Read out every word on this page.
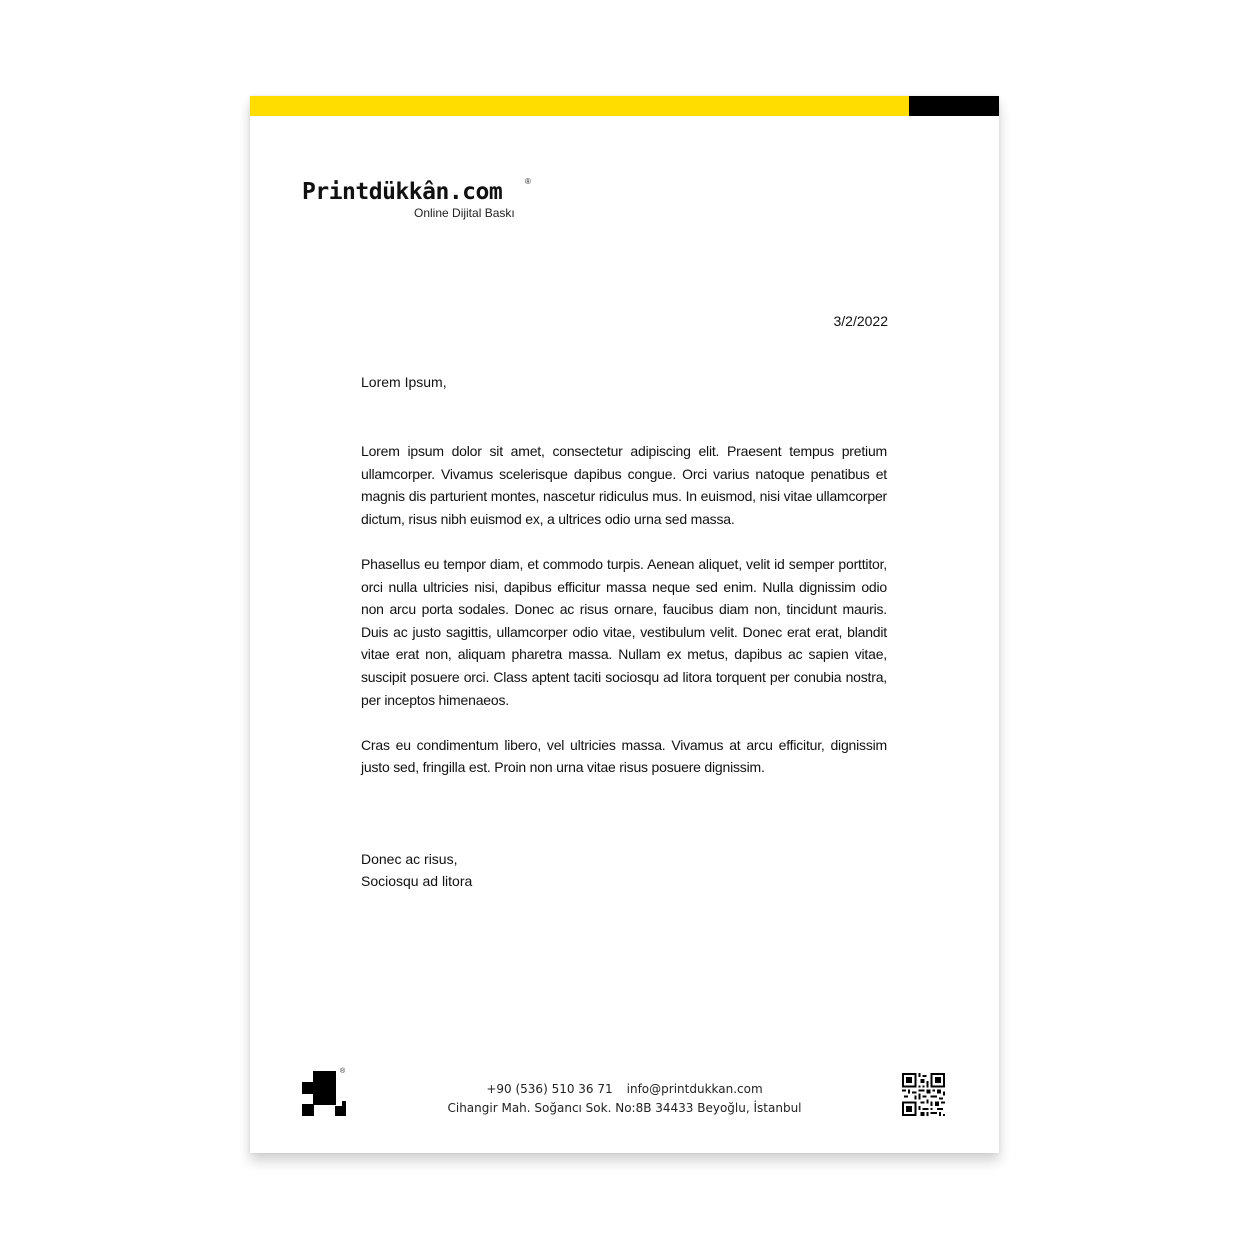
Printdükkân.com	®
Online Dijital Baskı
3/2/2022
Lorem Ipsum,

Lorem ipsum dolor sit amet, consectetur adipiscing elit. Praesent tempus pretium ullamcorper. Vivamus scelerisque dapibus congue. Orci varius natoque penatibus et magnis dis parturient montes, nascetur ridiculus mus. In euismod, nisi vitae ullamcorper dictum, risus nibh euismod ex, a ultrices odio urna sed massa.

Phasellus eu tempor diam, et commodo turpis. Aenean aliquet, velit id semper porttitor, orci nulla ultricies nisi, dapibus efficitur massa neque sed enim. Nulla dignissim odio non arcu porta sodales. Donec ac risus ornare, faucibus diam non, tincidunt mauris. Duis ac justo sagittis, ullamcorper odio vitae, vestibulum velit. Donec erat erat, blandit vitae erat non, aliquam pharetra massa. Nullam ex metus, dapibus ac sapien vitae, suscipit posuere orci. Class aptent taciti sociosqu ad litora torquent per conubia nostra, per inceptos himenaeos.

Cras eu condimentum libero, vel ultricies massa. Vivamus at arcu efficitur, dignissim justo sed, fringilla est. Proin non urna vitae risus posuere dignissim.

Donec ac risus,
Sociosqu ad litora
®
+90 (536) 510 36 71 info@printdukkan.com
Cihangir Mah. Soğancı Sok. No:8B 34433 Beyoğlu, İstanbul
